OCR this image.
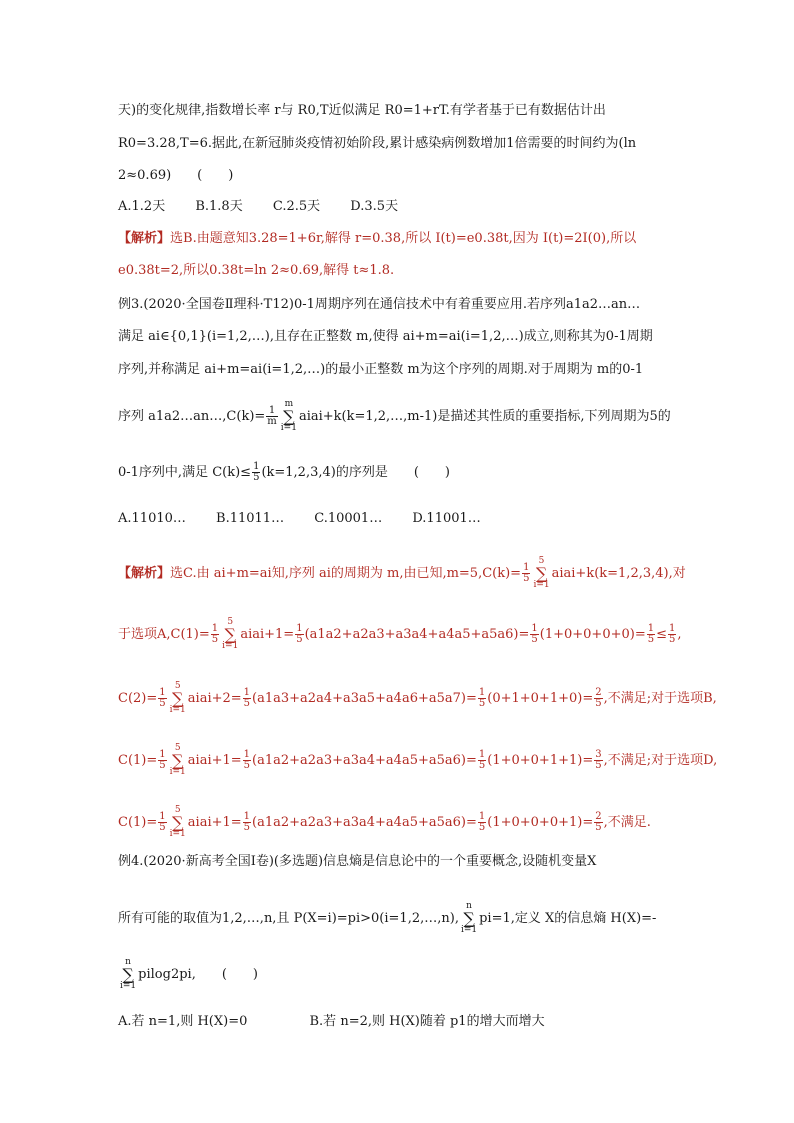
天)的变化规律,指数增长率 r与 R0,T近似满足 R0=1+rT.有学者基于已有数据估计出
R0=3.28,T=6.据此,在新冠肺炎疫情初始阶段,累计感染病例数增加1倍需要的时间约为(ln
2≈0.69)　　(　　)
A.1.2天 B.1.8天 C.2.5天 D.3.5天
【解析】选B.由题意知3.28=1+6r,解得 r=0.38,所以 I(t)=e0.38t,因为 I(t)=2I(0),所以
e0.38t=2,所以0.38t=ln 2≈0.69,解得 t≈1.8.
例3.(2020·全国卷Ⅱ理科·T12)0-1周期序列在通信技术中有着重要应用.若序列a1a2…an…
满足 ai∈{0,1}(i=1,2,…),且存在正整数 m,使得 ai+m=ai(i=1,2,…)成立,则称其为0-1周期
序列,并称满足 ai+m=ai(i=1,2,…)的最小正整数 m为这个序列的周期.对于周期为 m的0-1
序列 a1a2…an…,C(k)= $\frac{1}{m}$
m
∑
i=1aiai+k(k=1,2,…,m-1)是描述其性质的重要指标,下列周期为5的
0-1序列中,满足 $C(k)\le \frac{1}{5} (k=1,2,3,4)$的序列是　　(　　)
A.11010… B.11011… C.10001… D.11001…
【解析】选C.由 ai+m=ai知,序列 ai的周期为 m,由已知$,m=5,C(k)= \frac{1}{5}$
5
∑
i=1aiai+k(k=1,2,3,4),对
于选项$A,C(1)= \frac{1}{5}$
5
∑
i=1aiai+1= $\frac{1}{5} (a1a2+a2a3+a3a4+a4a5+a5a6)= \frac{1}{5} (1+0+0+0+0)= \frac{1}{5} \le \frac{1}{5}$ ,
$C(2)= \frac{1}{5}$
5
∑
i=1aiai+2= $\frac{1}{5} (a1a3+a2a4+a3a5+a4a6+a5a7)= \frac{1}{5} (0+1+0+1+0)= \frac{2}{5}$ ,不满足;对于选项B,
$C(1)= \frac{1}{5}$
5
∑
i=1aiai+1= $\frac{1}{5} (a1a2+a2a3+a3a4+a4a5+a5a6)= \frac{1}{5} (1+0+0+1+1)= \frac{3}{5}$ ,不满足;对于选项D,
$C(1)= \frac{1}{5}$
5
∑
i=1aiai+1= $\frac{1}{5} (a1a2+a2a3+a3a4+a4a5+a5a6)= \frac{1}{5} (1+0+0+0+1)= \frac{2}{5}$ ,不满足.
例4.(2020·新高考全国Ⅰ卷)(多选题)信息熵是信息论中的一个重要概念,设随机变量X
所有可能的取值为1,2,…,n,且 P(X=i)=pi>0(i=1,2,…,n),n
∑
i=1pi=1,定义 X的信息熵 H(X)=-
n
∑
i=1pilog2pi,　　(　　)
A.若 n=1,则 H(X)=0	B.若 n=2,则 H(X)随着 p1的增大而增大
